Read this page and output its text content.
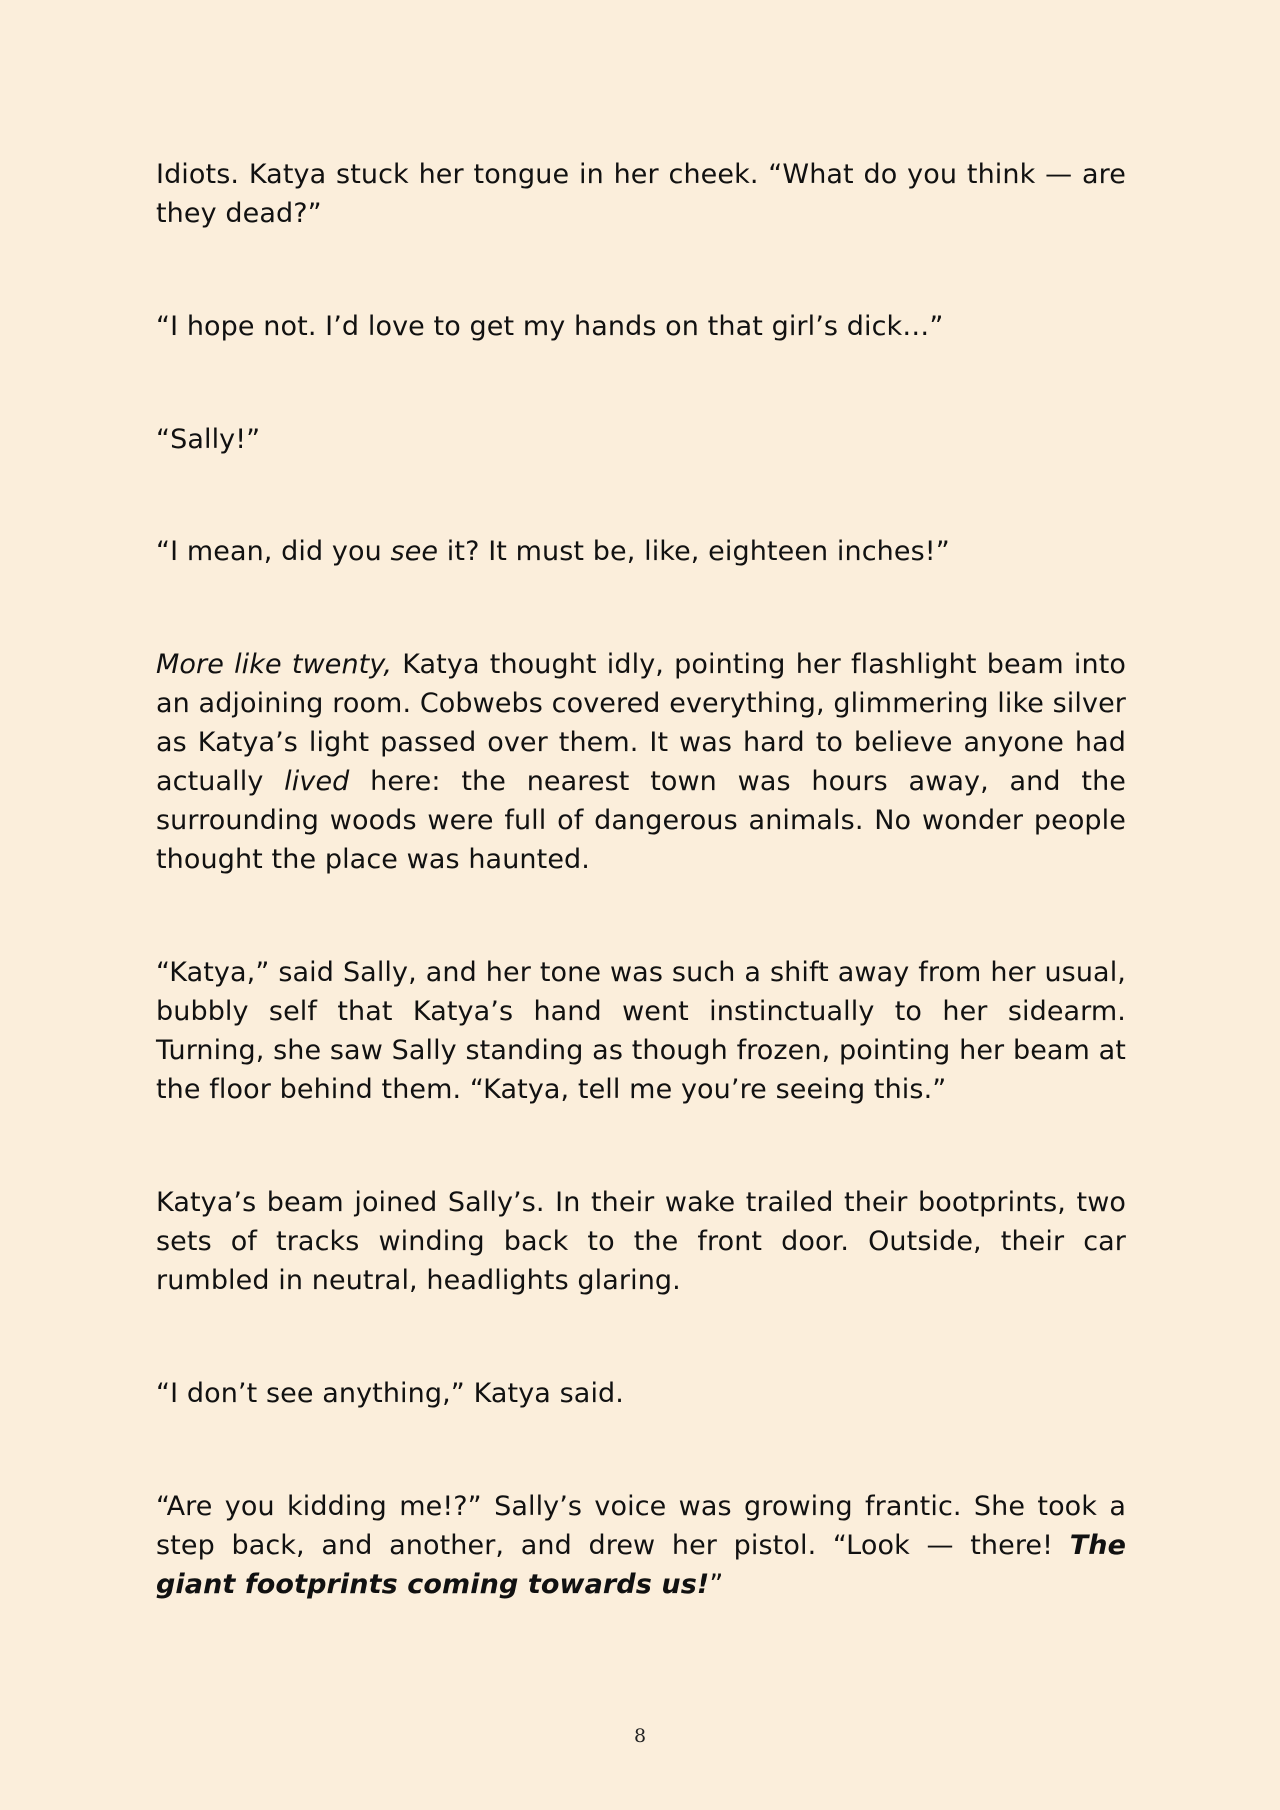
Idiots. Katya stuck her tongue in her cheek. “What do you think — are they dead?”

“I hope not. I’d love to get my hands on that girl’s dick…”

“Sally!”

“I mean, did you see it? It must be, like, eighteen inches!”

More like twenty, Katya thought idly, pointing her flashlight beam into an adjoining room. Cobwebs covered everything, glimmering like silver as Katya’s light passed over them. It was hard to believe anyone had actually lived here: the nearest town was hours away, and the surrounding woods were full of dangerous animals. No wonder people thought the place was haunted.

“Katya,” said Sally, and her tone was such a shift away from her usual, bubbly self that Katya’s hand went instinctually to her sidearm. Turning, she saw Sally standing as though frozen, pointing her beam at the floor behind them. “Katya, tell me you’re seeing this.”

Katya’s beam joined Sally’s. In their wake trailed their bootprints, two sets of tracks winding back to the front door. Outside, their car rumbled in neutral, headlights glaring.

“I don’t see anything,” Katya said.

“Are you kidding me!?” Sally’s voice was growing frantic. She took a step back, and another, and drew her pistol. “Look — there! The giant footprints coming towards us!”

8
